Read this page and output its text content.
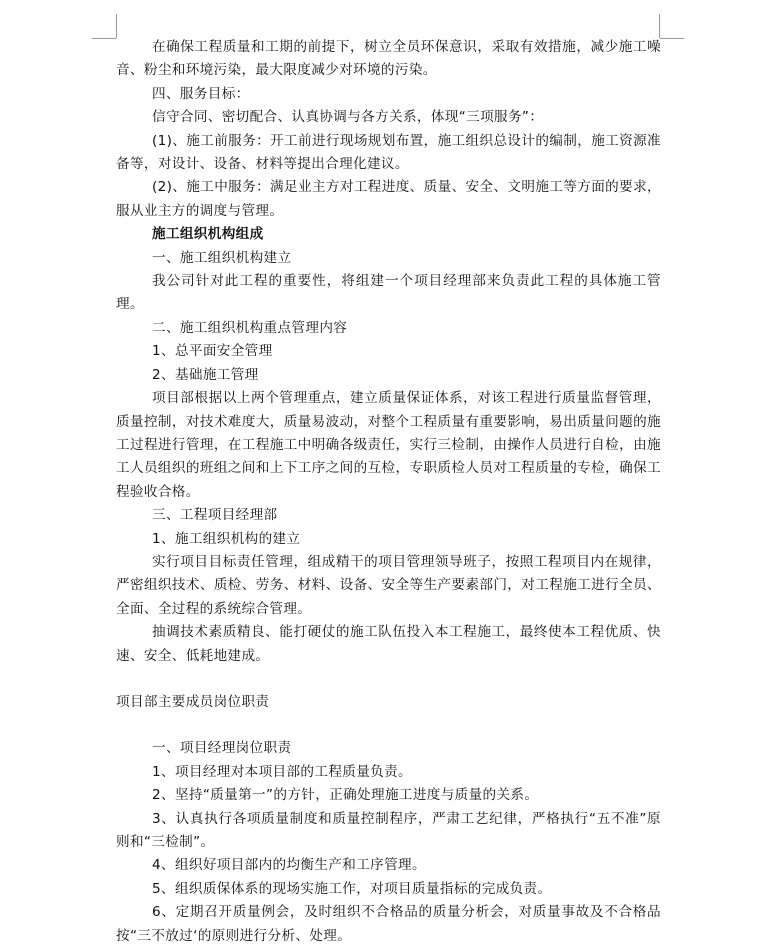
在确保工程质量和工期的前提下，树立全员环保意识，采取有效措施，减少施工噪音、粉尘和环境污染，最大限度减少对环境的污染。

四、服务目标：

信守合同、密切配合、认真协调与各方关系，体现“三项服务”：

(1)、施工前服务：开工前进行现场规划布置，施工组织总设计的编制，施工资源准备等，对设计、设备、材料等提出合理化建议。

(2)、施工中服务：满足业主方对工程进度、质量、安全、文明施工等方面的要求，服从业主方的调度与管理。

施工组织机构组成

一、施工组织机构建立

我公司针对此工程的重要性，将组建一个项目经理部来负责此工程的具体施工管理。

二、施工组织机构重点管理内容

1、总平面安全管理

2、基础施工管理

项目部根据以上两个管理重点，建立质量保证体系，对该工程进行质量监督管理，质量控制，对技术难度大，质量易波动，对整个工程质量有重要影响，易出质量问题的施工过程进行管理，在工程施工中明确各级责任，实行三检制，由操作人员进行自检，由施工人员组织的班组之间和上下工序之间的互检，专职质检人员对工程质量的专检，确保工程验收合格。

三、工程项目经理部

1、施工组织机构的建立

实行项目目标责任管理，组成精干的项目管理领导班子，按照工程项目内在规律，严密组织技术、质检、劳务、材料、设备、安全等生产要素部门，对工程施工进行全员、全面、全过程的系统综合管理。

抽调技术素质精良、能打硬仗的施工队伍投入本工程施工，最终使本工程优质、快速、安全、低耗地建成。

项目部主要成员岗位职责

一、项目经理岗位职责

1、项目经理对本项目部的工程质量负责。

2、坚持“质量第一”的方针，正确处理施工进度与质量的关系。

3、认真执行各项质量制度和质量控制程序，严肃工艺纪律，严格执行“五不准”原则和“三检制”。

4、组织好项目部内的均衡生产和工序管理。

5、组织质保体系的现场实施工作，对项目质量指标的完成负责。

6、定期召开质量例会，及时组织不合格品的质量分析会，对质量事故及不合格品按“三不放过‘的原则进行分析、处理。
